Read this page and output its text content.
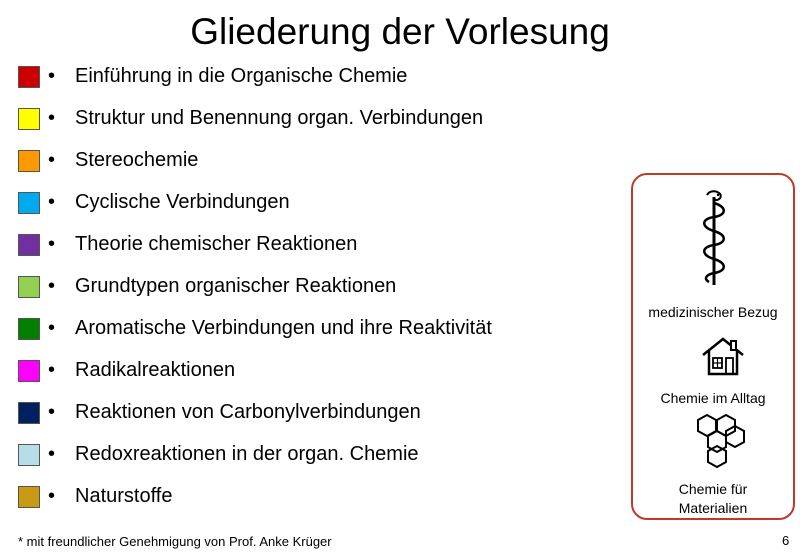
Gliederung der Vorlesung
• Einführung in die Organische Chemie
• Struktur und Benennung organ. Verbindungen
• Stereochemie
• Cyclische Verbindungen
• Theorie chemischer Reaktionen
• Grundtypen organischer Reaktionen
• Aromatische Verbindungen und ihre Reaktivität
• Radikalreaktionen
• Reaktionen von Carbonylverbindungen
• Redoxreaktionen in der organ. Chemie
• Naturstoffe
medizinischer Bezug
Chemie im Alltag
Chemie für
Materialien
* mit freundlicher Genehmigung von Prof. Anke Krüger	6
